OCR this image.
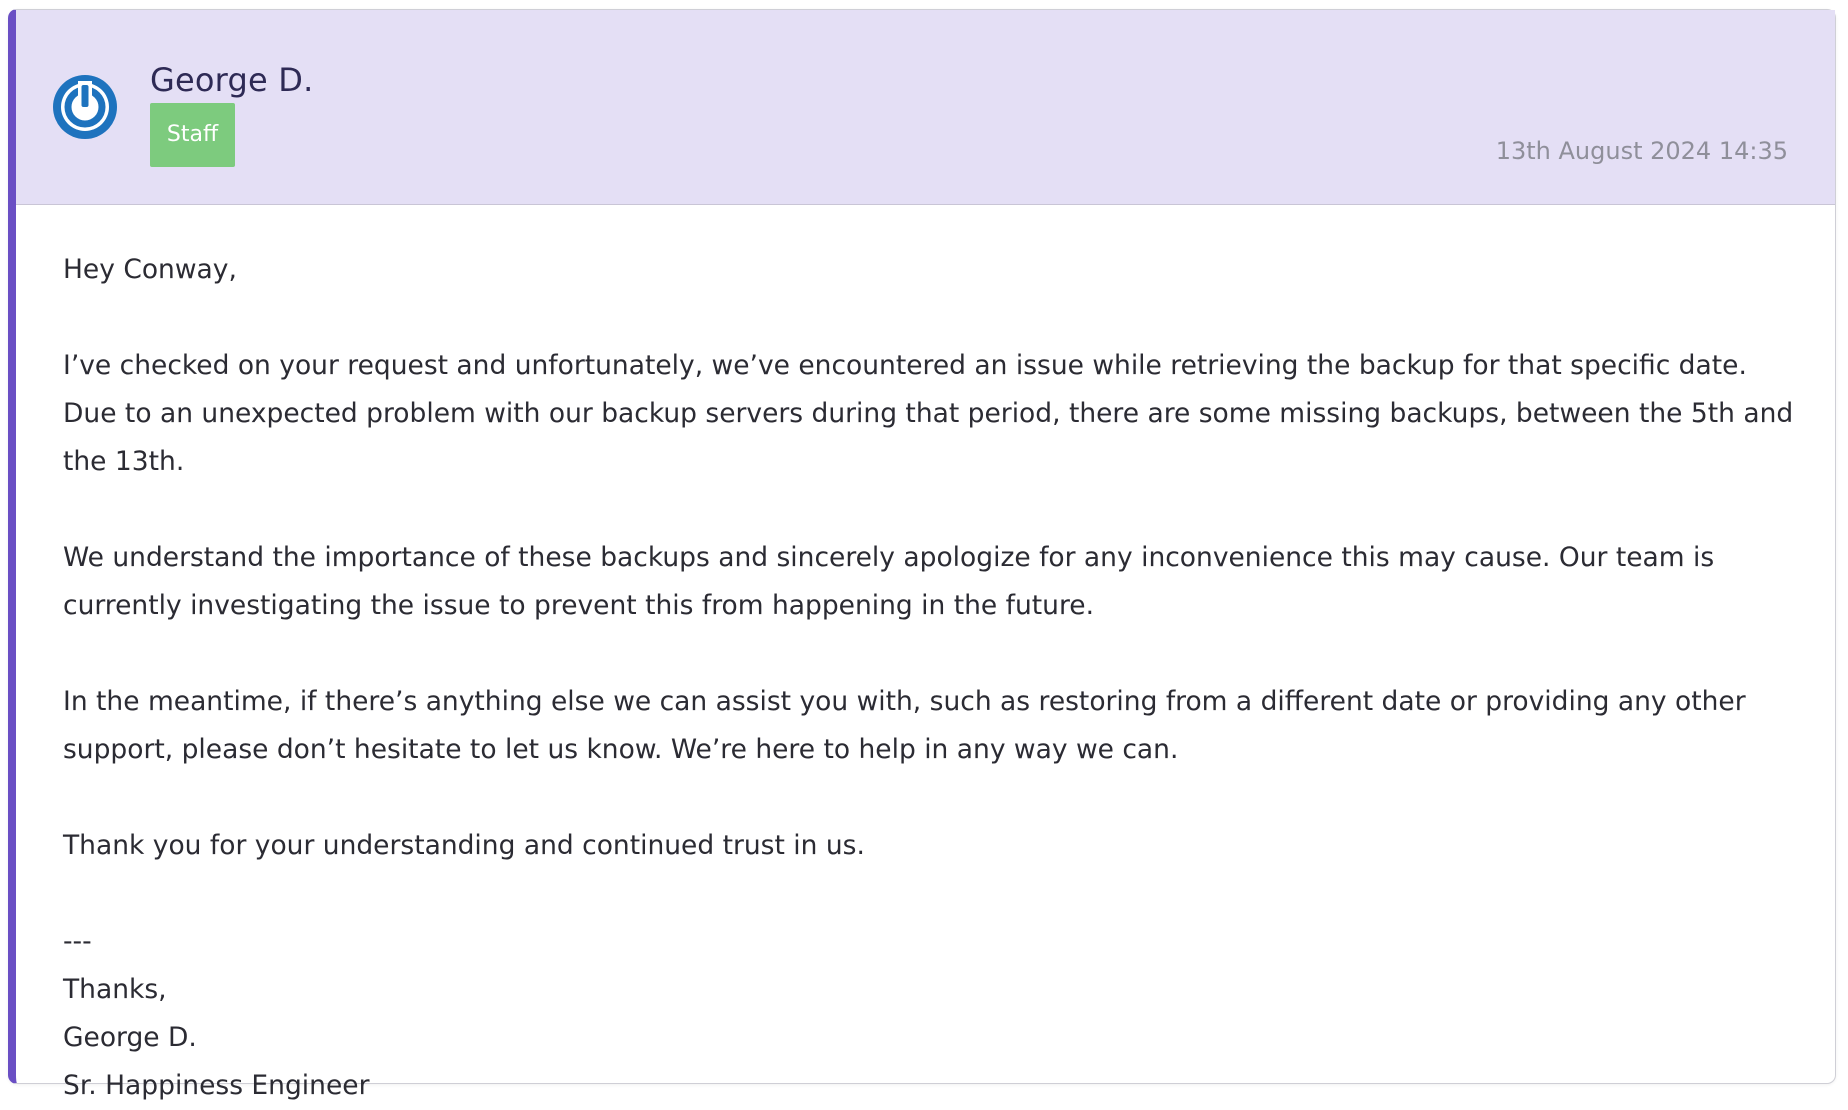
George D.
Staff
13th August 2024 14:35

Hey Conway,

I’ve checked on your request and unfortunately, we’ve encountered an issue while retrieving the backup for that specific date. Due to an unexpected problem with our backup servers during that period, there are some missing backups, between the 5th and the 13th.

We understand the importance of these backups and sincerely apologize for any inconvenience this may cause. Our team is currently investigating the issue to prevent this from happening in the future.

In the meantime, if there’s anything else we can assist you with, such as restoring from a different date or providing any other support, please don’t hesitate to let us know. We’re here to help in any way we can.

Thank you for your understanding and continued trust in us.

---
Thanks,
George D.
Sr. Happiness Engineer
